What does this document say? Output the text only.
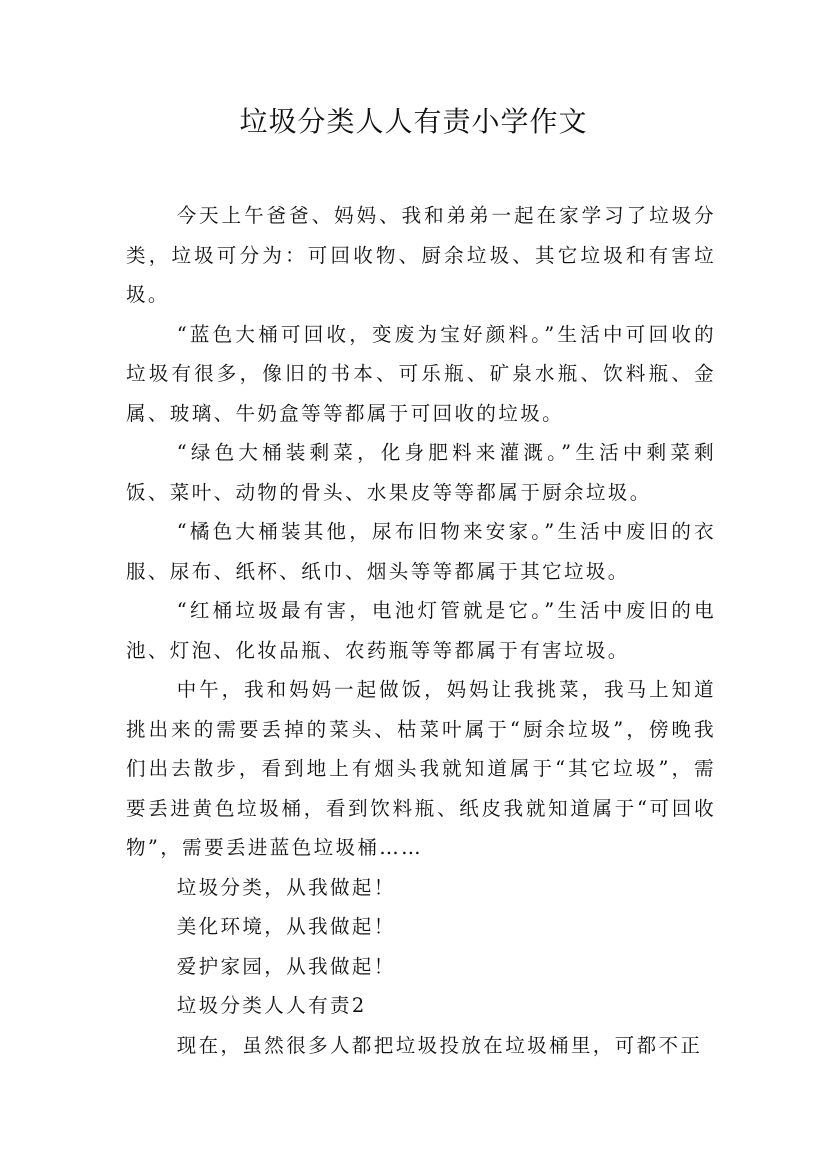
垃圾分类人人有责小学作文

今天上午爸爸、妈妈、我和弟弟一起在家学习了垃圾分类，垃圾可分为：可回收物、厨余垃圾、其它垃圾和有害垃圾。

“蓝色大桶可回收，变废为宝好颜料。”生活中可回收的垃圾有很多，像旧的书本、可乐瓶、矿泉水瓶、饮料瓶、金属、玻璃、牛奶盒等等都属于可回收的垃圾。

“绿色大桶装剩菜，化身肥料来灌溉。”生活中剩菜剩饭、菜叶、动物的骨头、水果皮等等都属于厨余垃圾。

“橘色大桶装其他，尿布旧物来安家。”生活中废旧的衣服、尿布、纸杯、纸巾、烟头等等都属于其它垃圾。

“红桶垃圾最有害，电池灯管就是它。”生活中废旧的电池、灯泡、化妆品瓶、农药瓶等等都属于有害垃圾。

中午，我和妈妈一起做饭，妈妈让我挑菜，我马上知道挑出来的需要丢掉的菜头、枯菜叶属于“厨余垃圾”，傍晚我们出去散步，看到地上有烟头我就知道属于“其它垃圾”，需要丢进黄色垃圾桶，看到饮料瓶、纸皮我就知道属于“可回收物”，需要丢进蓝色垃圾桶……

垃圾分类，从我做起！

美化环境，从我做起！

爱护家园，从我做起！

垃圾分类人人有责2

现在，虽然很多人都把垃圾投放在垃圾桶里，可都不正
